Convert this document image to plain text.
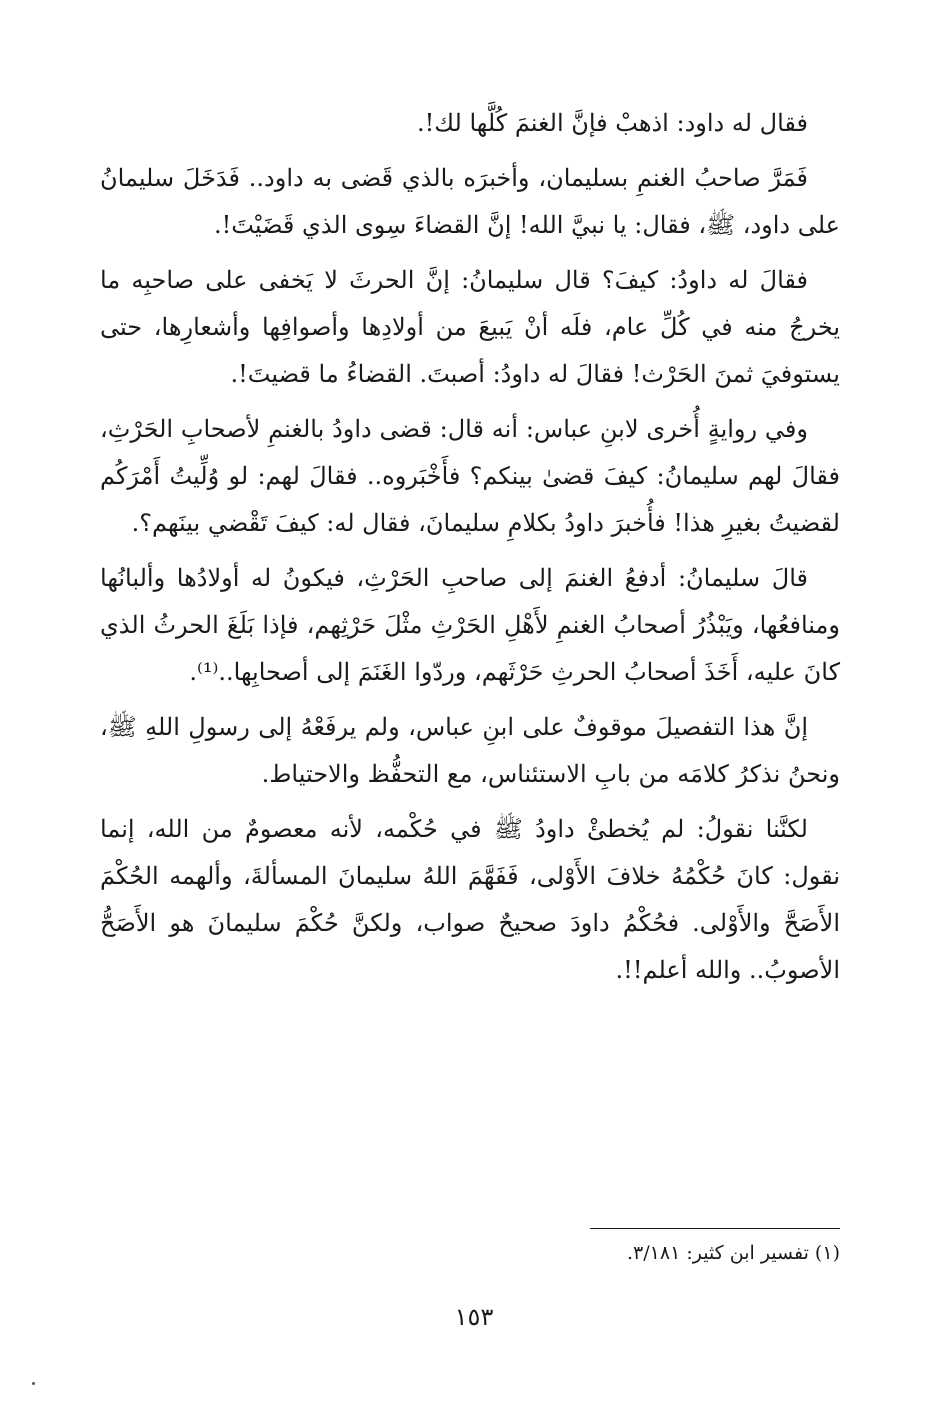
فقال له داود: اذهبْ فإنَّ الغنمَ كُلَّها لك!.

فَمَرَّ صاحبُ الغنمِ بسليمان، وأخبرَه بالذي قَضى به داود.. فَدَخَلَ سليمانُ على داود، ﷺ، فقال: يا نبيَّ الله! إنَّ القضاءَ سِوى الذي قَضَيْتَ!.

فقالَ له داودُ: كيفَ؟ قال سليمانُ: إنَّ الحرثَ لا يَخفى على صاحبِه ما يخرجُ منه في كُلِّ عام، فلَه أنْ يَبيعَ من أولادِها وأصوافِها وأشعارِها، حتى يستوفيَ ثمنَ الحَرْث! فقالَ له داودُ: أصبتَ. القضاءُ ما قضيتَ!.

وفي روايةٍ أُخرى لابنِ عباس: أنه قال: قضى داودُ بالغنمِ لأصحابِ الحَرْثِ، فقالَ لهم سليمانُ: كيفَ قضىٰ بينكم؟ فأَخْبَروه.. فقالَ لهم: لو وُلِّيتُ أَمْرَكُم لقضيتُ بغيرِ هذا! فأُخبرَ داودُ بكلامِ سليمانَ، فقال له: كيفَ تَقْضي بينَهم؟.

قالَ سليمانُ: أدفعُ الغنمَ إلى صاحبِ الحَرْثِ، فيكونُ له أولادُها وألبانُها ومنافعُها، ويَبْذُرُ أصحابُ الغنمِ لأَهْلِ الحَرْثِ مثْلَ حَرْثِهم، فإذا بَلَغَ الحرثُ الذي كانَ عليه، أَخَذَ أصحابُ الحرثِ حَرْثَهم، وردّوا الغَنَمَ إلى أصحابِها..⁽¹⁾.

إنَّ هذا التفصيلَ موقوفٌ على ابنِ عباس، ولم يرفَعْهُ إلى رسولِ اللهِ ﷺ، ونحنُ نذكرُ كلامَه من بابِ الاستئناس، مع التحفُّظ والاحتياط.

لكنَّنا نقولُ: لم يُخطئْ داودُ ﷺ في حُكْمه، لأنه معصومٌ من الله، إنما نقول: كانَ حُكْمُهُ خلافَ الأَوْلى، فَفَهَّمَ اللهُ سليمانَ المسألةَ، وألهمه الحُكْمَ الأَصَحَّ والأَوْلى. فحُكْمُ داودَ صحيحٌ صواب، ولكنَّ حُكْمَ سليمانَ هو الأَصَحُّ الأصوبُ.. والله أعلم!!.

(١) تفسير ابن كثير: ٣/١٨١.

١٥٣
